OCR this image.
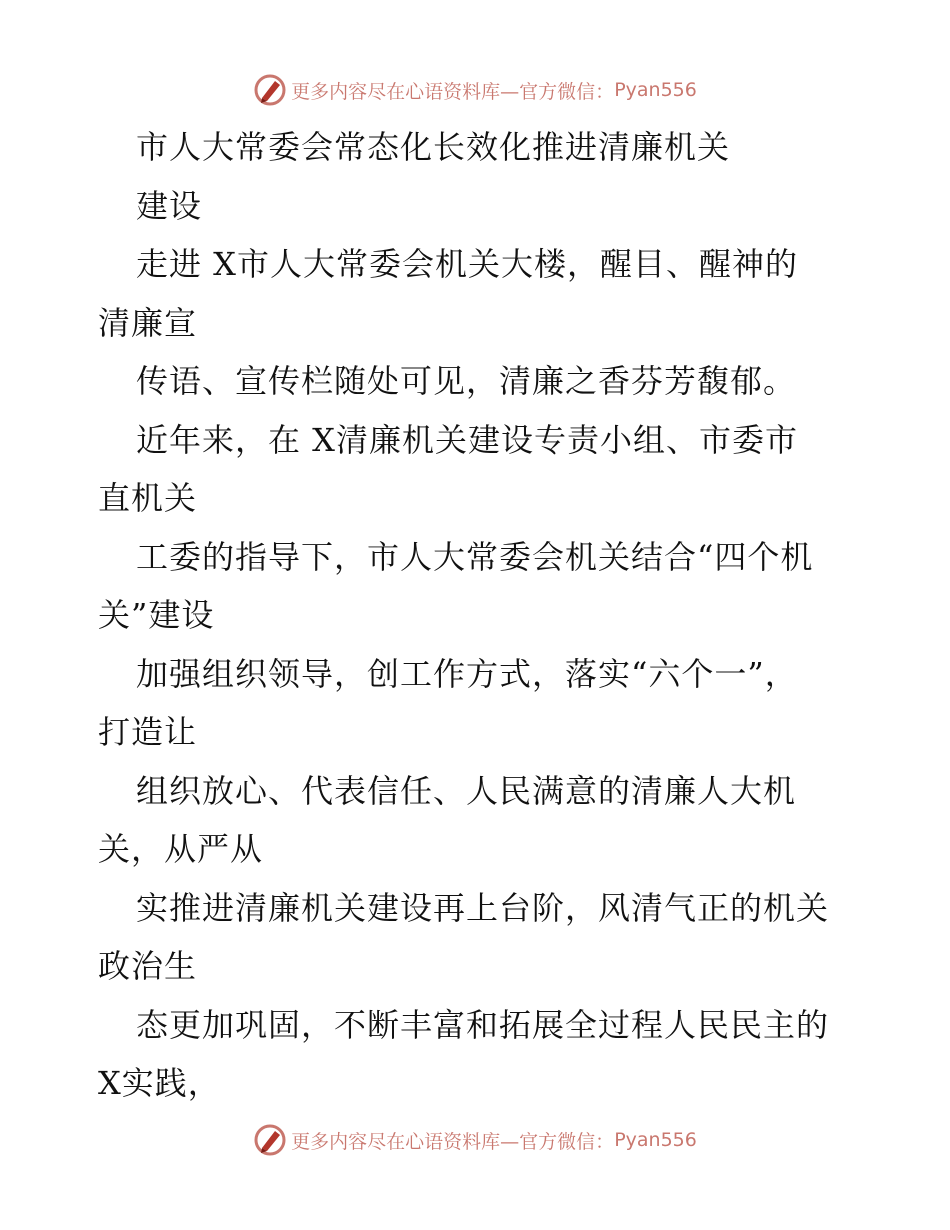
更多内容尽在心语资料库— 官方微信： Pyan556
市人大常委会常态化长效化推进清廉机关
建设
走进 X市人大常委会机关大楼，醒目、醒神的
清廉宣
传语、宣传栏随处可见，清廉之香芬芳馥郁。
近年来，在 X清廉机关建设专责小组、市委市
直机关
工委的指导下，市人大常委会机关结合“四个机
关”建设
加强组织领导，创工作方式，落实“六个一”，
打造让
组织放心、代表信任、人民满意的清廉人大机
关，从严从
实推进清廉机关建设再上台阶，风清气正的机关
政治生
态更加巩固，不断丰富和拓展全过程人民民主的
X实践，
更多内容尽在心语资料库— 官方微信： Pyan556
